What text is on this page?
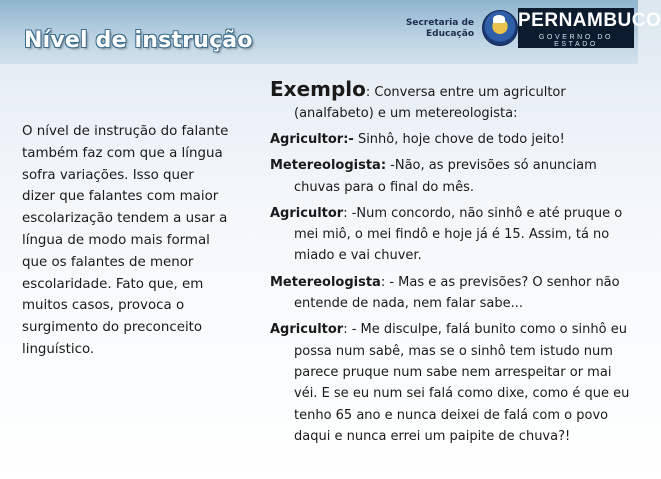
Nível de instrução
Secretaria de
Educação
PERNAMBUCO
GOVERNO DO ESTADO
O nível de instrução do falante também faz com que a língua sofra variações. Isso quer dizer que falantes com maior escolarização tendem a usar a língua de modo mais formal que os falantes de menor escolaridade. Fato que, em muitos casos, provoca o surgimento do preconceito linguístico.

Exemplo: Conversa entre um agricultor (analfabeto) e um metereologista:

Agricultor:- Sinhô, hoje chove de todo jeito!

Metereologista: -Não, as previsões só anunciam chuvas para o final do mês.

Agricultor: -Num concordo, não sinhô e até pruque o mei miô, o mei findô e hoje já é 15. Assim, tá no miado e vai chuver.

Metereologista: - Mas e as previsões? O senhor não entende de nada, nem falar sabe...

Agricultor: - Me disculpe, falá bunito como o sinhô eu possa num sabê, mas se o sinhô tem istudo num parece pruque num sabe nem arrespeitar or mai véi. E se eu num sei falá como dixe, como é que eu tenho 65 ano e nunca deixei de falá com o povo daqui e nunca errei um paipite de chuva?!
